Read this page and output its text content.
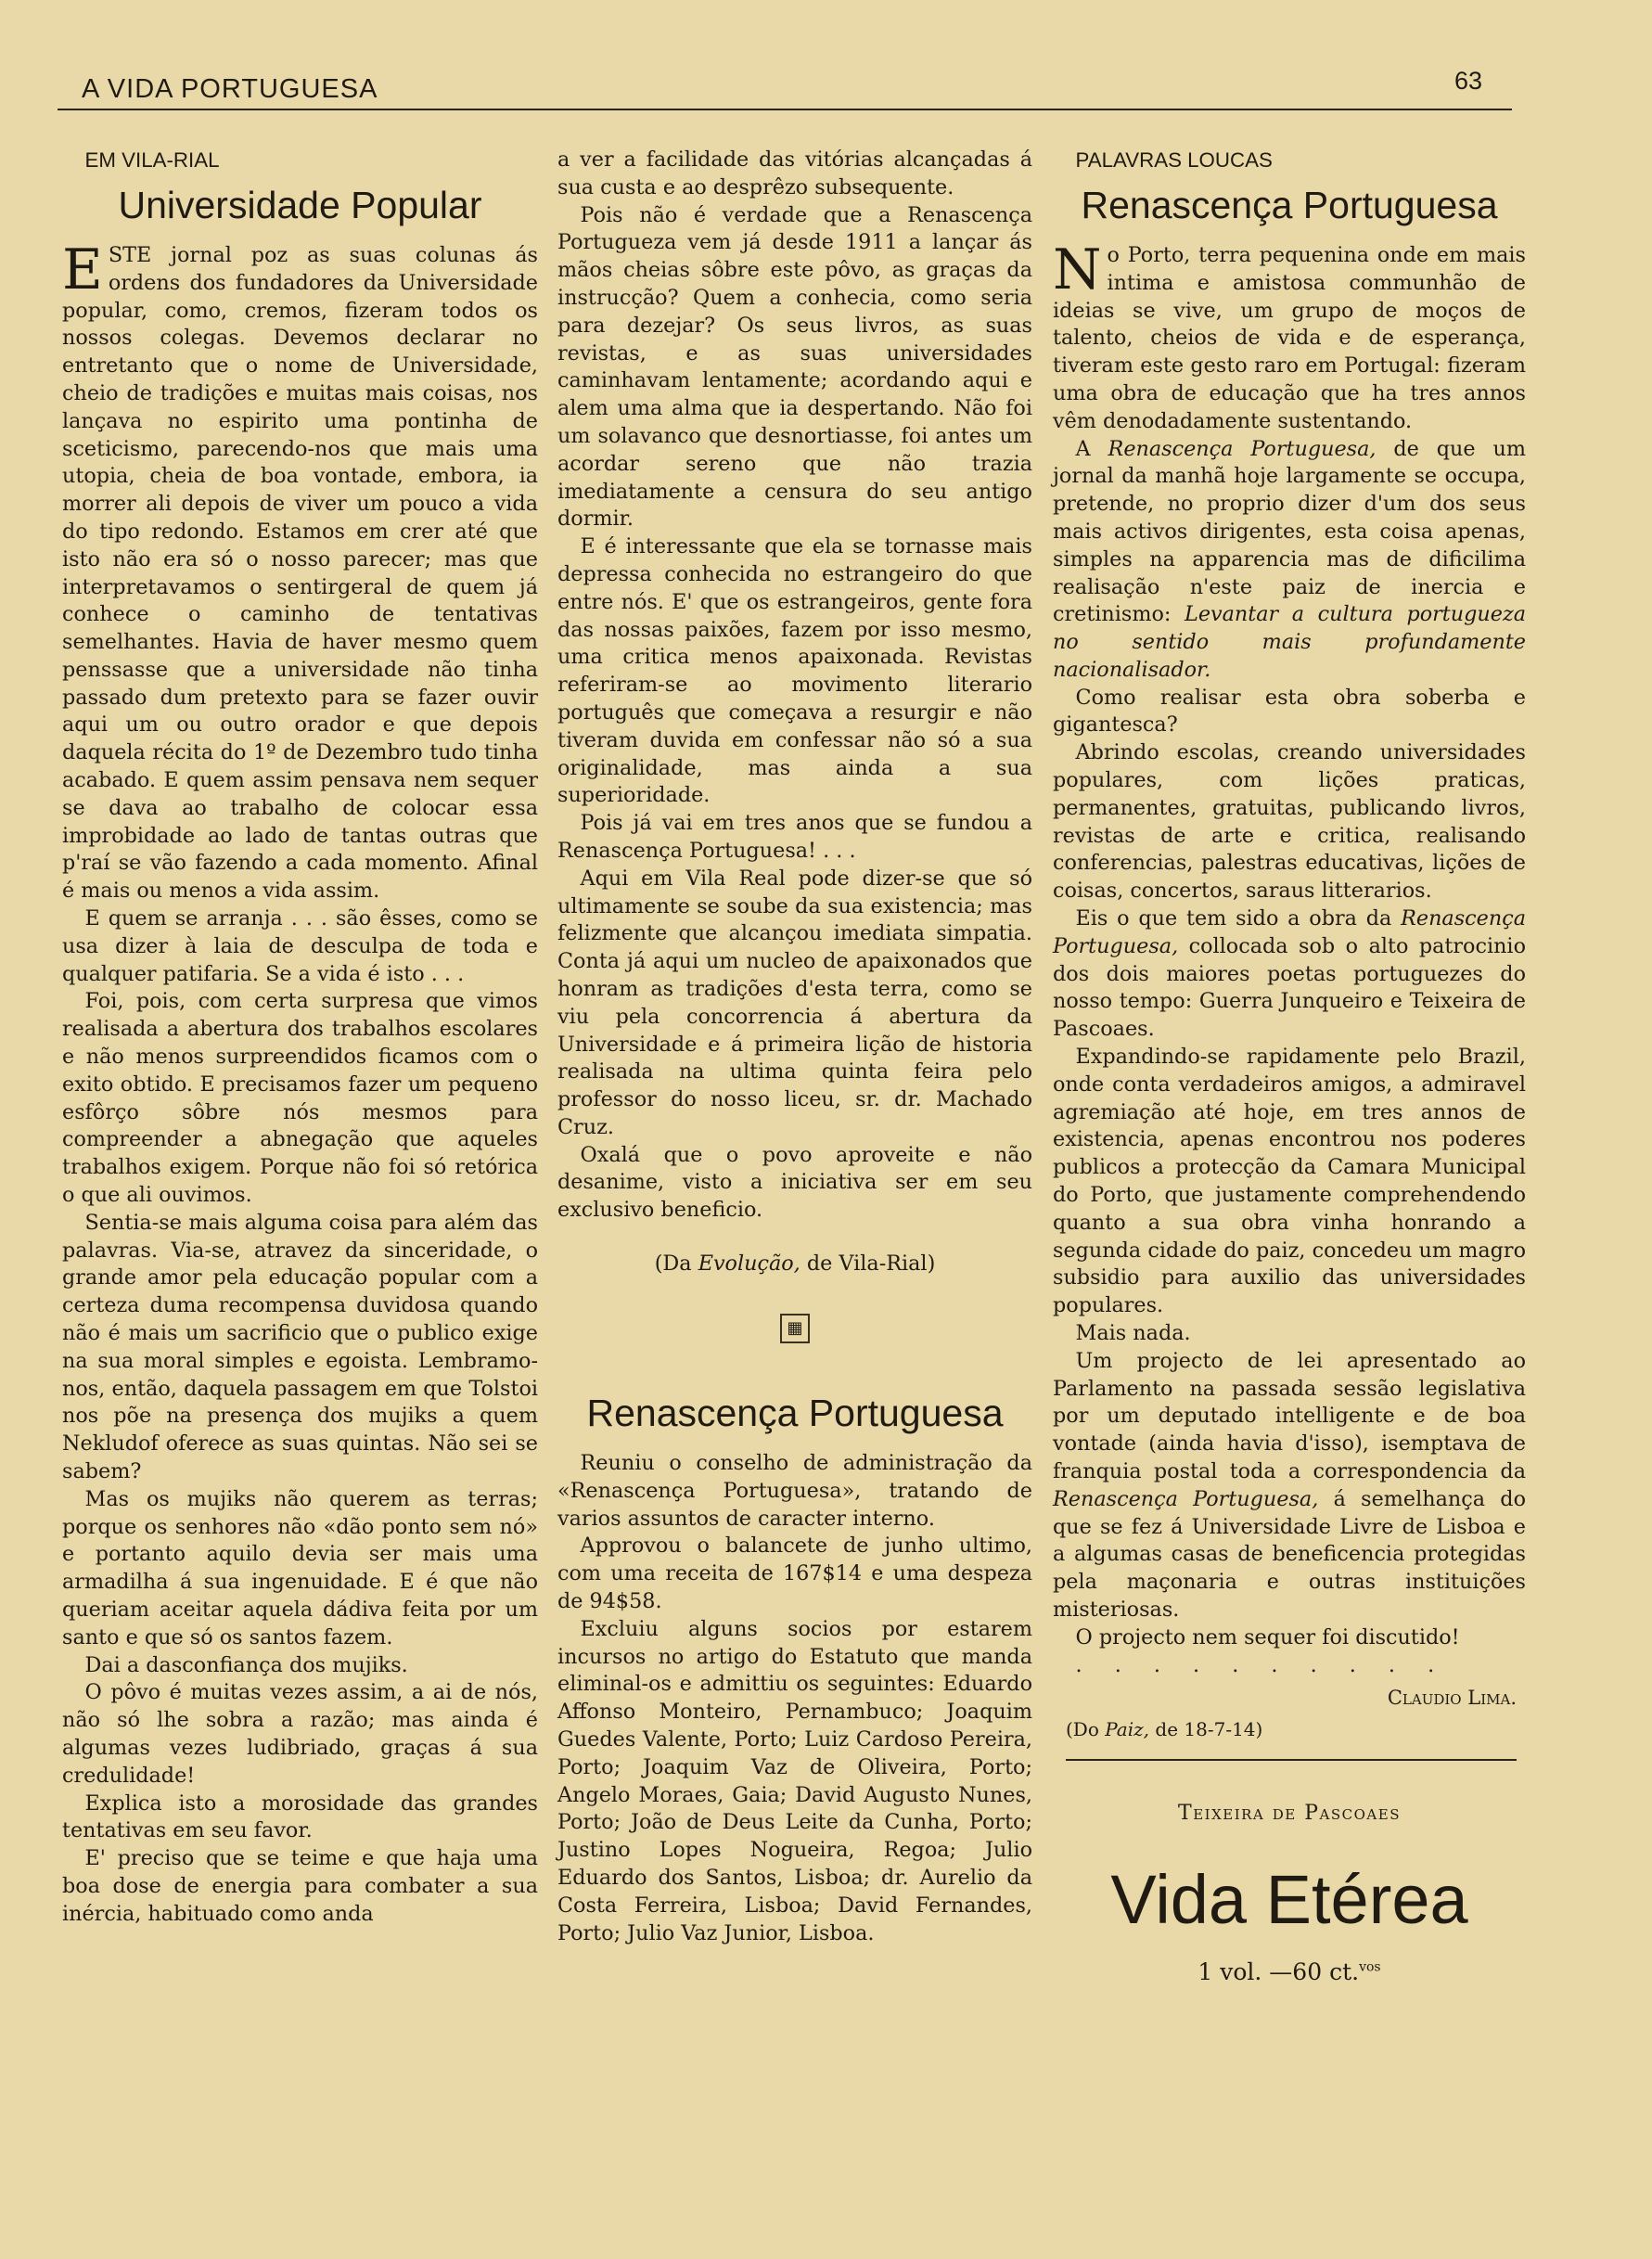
A VIDA PORTUGUESA	63

EM VILA-RIAL

Universidade Popular

ESTE jornal poz as suas colunas ás ordens dos fundadores da Universidade popular, como, cremos, fizeram todos os nossos colegas. Devemos declarar no entretanto que o nome de Universidade, cheio de tradições e muitas mais coisas, nos lançava no espirito uma pontinha de sceticismo, parecendo-nos que mais uma utopia, cheia de boa vontade, embora, ia morrer ali depois de viver um pouco a vida do tipo redondo. Estamos em crer até que isto não era só o nosso parecer; mas que interpretavamos o sentirgeral de quem já conhece o caminho de tentativas semelhantes. Havia de haver mesmo quem penssasse que a universidade não tinha passado dum pretexto para se fazer ouvir aqui um ou outro orador e que depois daquela récita do 1º de Dezembro tudo tinha acabado. E quem assim pensava nem sequer se dava ao trabalho de colocar essa improbidade ao lado de tantas outras que p'raí se vão fazendo a cada momento. Afinal é mais ou menos a vida assim.

E quem se arranja . . . são êsses, como se usa dizer à laia de desculpa de toda e qualquer patifaria. Se a vida é isto . . .

Foi, pois, com certa surpresa que vimos realisada a abertura dos trabalhos escolares e não menos surpreendidos ficamos com o exito obtido. E precisamos fazer um pequeno esfôrço sôbre nós mesmos para compreender a abnegação que aqueles trabalhos exigem. Porque não foi só retórica o que ali ouvimos.

Sentia-se mais alguma coisa para além das palavras. Via-se, atravez da sinceridade, o grande amor pela educação popular com a certeza duma recompensa duvidosa quando não é mais um sacrificio que o publico exige na sua moral simples e egoista. Lembramo-nos, então, daquela passagem em que Tolstoi nos põe na presença dos mujiks a quem Nekludof oferece as suas quintas. Não sei se sabem?

Mas os mujiks não querem as terras; porque os senhores não «dão ponto sem nó» e portanto aquilo devia ser mais uma armadilha á sua ingenuidade. E é que não queriam aceitar aquela dádiva feita por um santo e que só os santos fazem.

Dai a dasconfiança dos mujiks.

O pôvo é muitas vezes assim, a ai de nós, não só lhe sobra a razão; mas ainda é algumas vezes ludibriado, graças á sua credulidade!

Explica isto a morosidade das grandes tentativas em seu favor.

E' preciso que se teime e que haja uma boa dose de energia para combater a sua inércia, habituado como anda

a ver a facilidade das vitórias alcançadas á sua custa e ao desprêzo subsequente.

Pois não é verdade que a Renascença Portugueza vem já desde 1911 a lançar ás mãos cheias sôbre este pôvo, as graças da instrucção? Quem a conhecia, como seria para dezejar? Os seus livros, as suas revistas, e as suas universidades caminhavam lentamente; acordando aqui e alem uma alma que ia despertando. Não foi um solavanco que desnortiasse, foi antes um acordar sereno que não trazia imediatamente a censura do seu antigo dormir.

E é interessante que ela se tornasse mais depressa conhecida no estrangeiro do que entre nós. E' que os estrangeiros, gente fora das nossas paixões, fazem por isso mesmo, uma critica menos apaixonada. Revistas referiram-se ao movimento literario português que começava a resurgir e não tiveram duvida em confessar não só a sua originalidade, mas ainda a sua superioridade.

Pois já vai em tres anos que se fundou a Renascença Portuguesa! . . .

Aqui em Vila Real pode dizer-se que só ultimamente se soube da sua existencia; mas felizmente que alcançou imediata simpatia. Conta já aqui um nucleo de apaixonados que honram as tradições d'esta terra, como se viu pela concorrencia á abertura da Universidade e á primeira lição de historia realisada na ultima quinta feira pelo professor do nosso liceu, sr. dr. Machado Cruz.

Oxalá que o povo aproveite e não desanime, visto a iniciativa ser em seu exclusivo beneficio.

(Da Evolução, de Vila-Rial)
▦
Renascença Portuguesa

Reuniu o conselho de administração da «Renascença Portuguesa», tratando de varios assuntos de caracter interno.

Approvou o balancete de junho ultimo, com uma receita de 167$14 e uma despeza de 94$58.

Excluiu alguns socios por estarem incursos no artigo do Estatuto que manda eliminal-os e admittiu os seguintes: Eduardo Affonso Monteiro, Pernambuco; Joaquim Guedes Valente, Porto; Luiz Cardoso Pereira, Porto; Joaquim Vaz de Oliveira, Porto; Angelo Moraes, Gaia; David Augusto Nunes, Porto; João de Deus Leite da Cunha, Porto; Justino Lopes Nogueira, Regoa; Julio Eduardo dos Santos, Lisboa; dr. Aurelio da Costa Ferreira, Lisboa; David Fernandes, Porto; Julio Vaz Junior, Lisboa.

PALAVRAS LOUCAS

Renascença Portuguesa

No Porto, terra pequenina onde em mais intima e amistosa communhão de ideias se vive, um grupo de moços de talento, cheios de vida e de esperança, tiveram este gesto raro em Portugal: fizeram uma obra de educação que ha tres annos vêm denodadamente sustentando.

A Renascença Portuguesa, de que um jornal da manhã hoje largamente se occupa, pretende, no proprio dizer d'um dos seus mais activos dirigentes, esta coisa apenas, simples na apparencia mas de dificilima realisação n'este paiz de inercia e cretinismo: Levantar a cultura portugueza no sentido mais profundamente nacionalisador.

Como realisar esta obra soberba e gigantesca?

Abrindo escolas, creando universidades populares, com lições praticas, permanentes, gratuitas, publicando livros, revistas de arte e critica, realisando conferencias, palestras educativas, lições de coisas, concertos, saraus litterarios.

Eis o que tem sido a obra da Renascença Portuguesa, collocada sob o alto patrocinio dos dois maiores poetas portuguezes do nosso tempo: Guerra Junqueiro e Teixeira de Pascoaes.

Expandindo-se rapidamente pelo Brazil, onde conta verdadeiros amigos, a admiravel agremiação até hoje, em tres annos de existencia, apenas encontrou nos poderes publicos a protecção da Camara Municipal do Porto, que justamente comprehendendo quanto a sua obra vinha honrando a segunda cidade do paiz, concedeu um magro subsidio para auxilio das universidades populares.

Mais nada.

Um projecto de lei apresentado ao Parlamento na passada sessão legislativa por um deputado intelligente e de boa vontade (ainda havia d'isso), isemptava de franquia postal toda a correspondencia da Renascença Portuguesa, á semelhança do que se fez á Universidade Livre de Lisboa e a algumas casas de beneficencia protegidas pela maçonaria e outras instituições misteriosas.

O projecto nem sequer foi discutido!

. . . . . . . . . .

Claudio Lima.
(Do Paiz, de 18-7-14)
Teixeira de Pascoaes
Vida Etérea
1 vol. —60 ct.$^{vos}$
